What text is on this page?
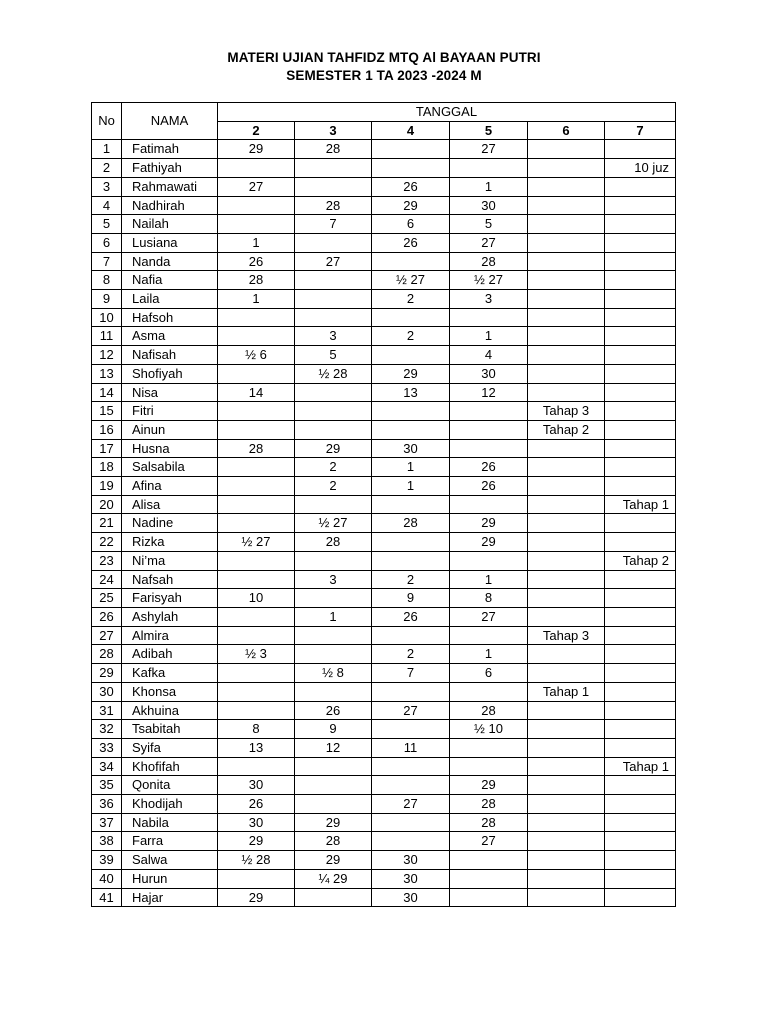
MATERI UJIAN TAHFIDZ MTQ Al BAYAAN PUTRI
SEMESTER 1 TA 2023 -2024 M
No	NAMA	TANGGAL					
		2	3	4	5	6	7
1	Fatimah	29	28		27		
2	Fathiyah						10 juz
3	Rahmawati	27		26	1		
4	Nadhirah		28	29	30		
5	Nailah		7	6	5		
6	Lusiana	1		26	27		
7	Nanda	26	27		28		
8	Nafia	28		½ 27	½ 27		
9	Laila	1		2	3		
10	Hafsoh						
11	Asma		3	2	1		
12	Nafisah	½ 6	5		4		
13	Shofiyah		½ 28	29	30		
14	Nisa	14		13	12		
15	Fitri					Tahap 3	
16	Ainun					Tahap 2	
17	Husna	28	29	30			
18	Salsabila		2	1	26		
19	Afina		2	1	26		
20	Alisa						Tahap 1
21	Nadine		½ 27	28	29		
22	Rizka	½ 27	28		29		
23	Ni’ma						Tahap 2
24	Nafsah		3	2	1		
25	Farisyah	10		9	8		
26	Ashylah		1	26	27		
27	Almira					Tahap 3	
28	Adibah	½ 3		2	1		
29	Kafka		½ 8	7	6		
30	Khonsa					Tahap 1	
31	Akhuina		26	27	28		
32	Tsabitah	8	9		½ 10		
33	Syifa	13	12	11			
34	Khofifah						Tahap 1
35	Qonita	30			29		
36	Khodijah	26		27	28		
37	Nabila	30	29		28		
38	Farra	29	28		27		
39	Salwa	½ 28	29	30			
40	Hurun		¼ 29	30			
41	Hajar	29		30			
